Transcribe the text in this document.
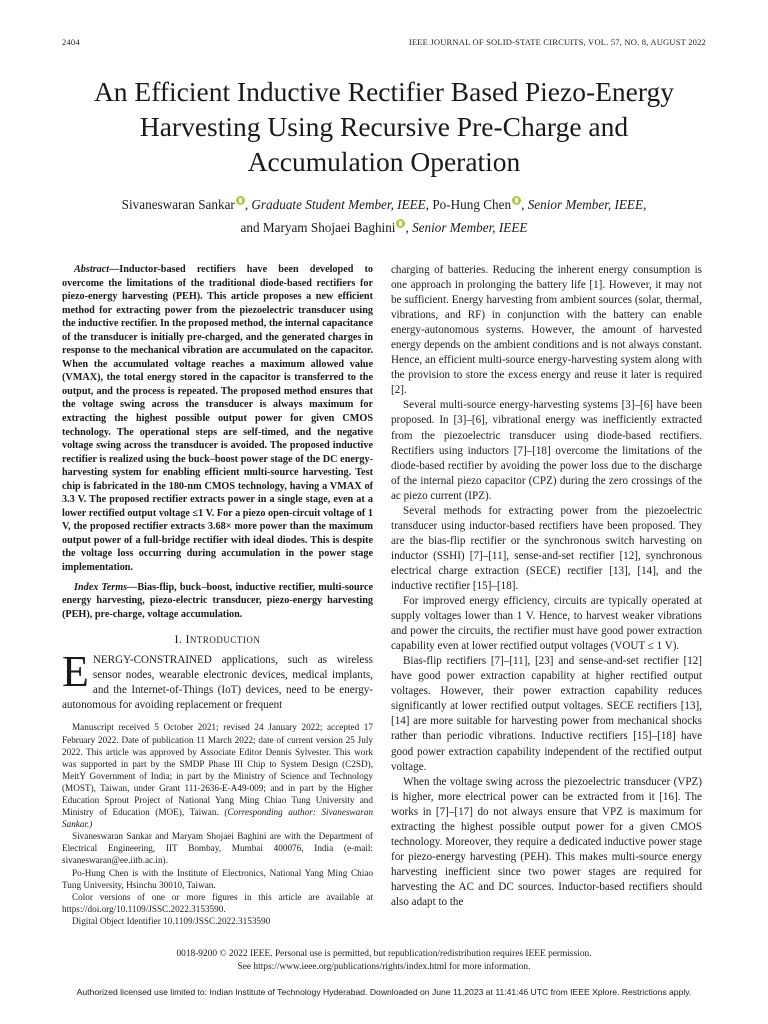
2404	IEEE JOURNAL OF SOLID-STATE CIRCUITS, VOL. 57, NO. 8, AUGUST 2022
An Efficient Inductive Rectifier Based Piezo-Energy
Harvesting Using Recursive Pre-Charge and
Accumulation Operation
Sivaneswaran Sankar , Graduate Student Member, IEEE, Po-Hung Chen , Senior Member, IEEE,
and Maryam Shojaei Baghini , Senior Member, IEEE
Abstract—Inductor-based rectifiers have been developed to overcome the limitations of the traditional diode-based rectifiers for piezo-energy harvesting (PEH). This article proposes a new efficient method for extracting power from the piezoelectric transducer using the inductive rectifier. In the proposed method, the internal capacitance of the transducer is initially pre-charged, and the generated charges in response to the mechanical vibration are accumulated on the capacitor. When the accumulated voltage reaches a maximum allowed value (VMAX), the total energy stored in the capacitor is transferred to the output, and the process is repeated. The proposed method ensures that the voltage swing across the transducer is always maximum for extracting the highest possible output power for given CMOS technology. The operational steps are self-timed, and the negative voltage swing across the transducer is avoided. The proposed inductive rectifier is realized using the buck–boost power stage of the DC energy-harvesting system for enabling efficient multi-source harvesting. Test chip is fabricated in the 180-nm CMOS technology, having a VMAX of 3.3 V. The proposed rectifier extracts power in a single stage, even at a lower rectified output voltage ≤1 V. For a piezo open-circuit voltage of 1 V, the proposed rectifier extracts 3.68× more power than the maximum output power of a full-bridge rectifier with ideal diodes. This is despite the voltage loss occurring during accumulation in the power stage implementation.
Index Terms—Bias-flip, buck–boost, inductive rectifier, multi-source energy harvesting, piezo-electric transducer, piezo-energy harvesting (PEH), pre-charge, voltage accumulation.
I. INTRODUCTION

ENERGY-CONSTRAINED applications, such as wireless sensor nodes, wearable electronic devices, medical implants, and the Internet-of-Things (IoT) devices, need to be energy-autonomous for avoiding replacement or frequent

Manuscript received 5 October 2021; revised 24 January 2022; accepted 17 February 2022. Date of publication 11 March 2022; date of current version 25 July 2022. This article was approved by Associate Editor Dennis Sylvester. This work was supported in part by the SMDP Phase III Chip to System Design (C2SD), MeitY Government of India; in part by the Ministry of Science and Technology (MOST), Taiwan, under Grant 111-2636-E-A49-009; and in part by the Higher Education Sprout Project of National Yang Ming Chiao Tung University and Ministry of Education (MOE), Taiwan. (Corresponding author: Sivaneswaran Sankar.)

Sivaneswaran Sankar and Maryam Shojaei Baghini are with the Department of Electrical Engineering, IIT Bombay, Mumbai 400076, India (e-mail: sivaneswaran@ee.iitb.ac.in).

Po-Hung Chen is with the Institute of Electronics, National Yang Ming Chiao Tung University, Hsinchu 30010, Taiwan.

Color versions of one or more figures in this article are available at https://doi.org/10.1109/JSSC.2022.3153590.

Digital Object Identifier 10.1109/JSSC.2022.3153590

charging of batteries. Reducing the inherent energy consumption is one approach in prolonging the battery life [1]. However, it may not be sufficient. Energy harvesting from ambient sources (solar, thermal, vibrations, and RF) in conjunction with the battery can enable energy-autonomous systems. However, the amount of harvested energy depends on the ambient conditions and is not always constant. Hence, an efficient multi-source energy-harvesting system along with the provision to store the excess energy and reuse it later is required [2].

Several multi-source energy-harvesting systems [3]–[6] have been proposed. In [3]–[6], vibrational energy was inefficiently extracted from the piezoelectric transducer using diode-based rectifiers. Rectifiers using inductors [7]–[18] overcome the limitations of the diode-based rectifier by avoiding the power loss due to the discharge of the internal piezo capacitor (CPZ) during the zero crossings of the ac piezo current (IPZ).

Several methods for extracting power from the piezoelectric transducer using inductor-based rectifiers have been proposed. They are the bias-flip rectifier or the synchronous switch harvesting on inductor (SSHI) [7]–[11], sense-and-set rectifier [12], synchronous electrical charge extraction (SECE) rectifier [13], [14], and the inductive rectifier [15]–[18].

For improved energy efficiency, circuits are typically operated at supply voltages lower than 1 V. Hence, to harvest weaker vibrations and power the circuits, the rectifier must have good power extraction capability even at lower rectified output voltages (VOUT ≤ 1 V).

Bias-flip rectifiers [7]–[11], [23] and sense-and-set rectifier [12] have good power extraction capability at higher rectified output voltages. However, their power extraction capability reduces significantly at lower rectified output voltages. SECE rectifiers [13], [14] are more suitable for harvesting power from mechanical shocks rather than periodic vibrations. Inductive rectifiers [15]–[18] have good power extraction capability independent of the rectified output voltage.

When the voltage swing across the piezoelectric transducer (VPZ) is higher, more electrical power can be extracted from it [16]. The works in [7]–[17] do not always ensure that VPZ is maximum for extracting the highest possible output power for a given CMOS technology. Moreover, they require a dedicated inductive power stage for piezo-energy harvesting (PEH). This makes multi-source energy harvesting inefficient since two power stages are required for harvesting the AC and DC sources. Inductor-based rectifiers should also adapt to the

0018-9200 © 2022 IEEE. Personal use is permitted, but republication/redistribution requires IEEE permission.
See https://www.ieee.org/publications/rights/index.html for more information.
Authorized licensed use limited to: Indian Institute of Technology Hyderabad. Downloaded on June 11,2023 at 11:41:46 UTC from IEEE Xplore. Restrictions apply.
